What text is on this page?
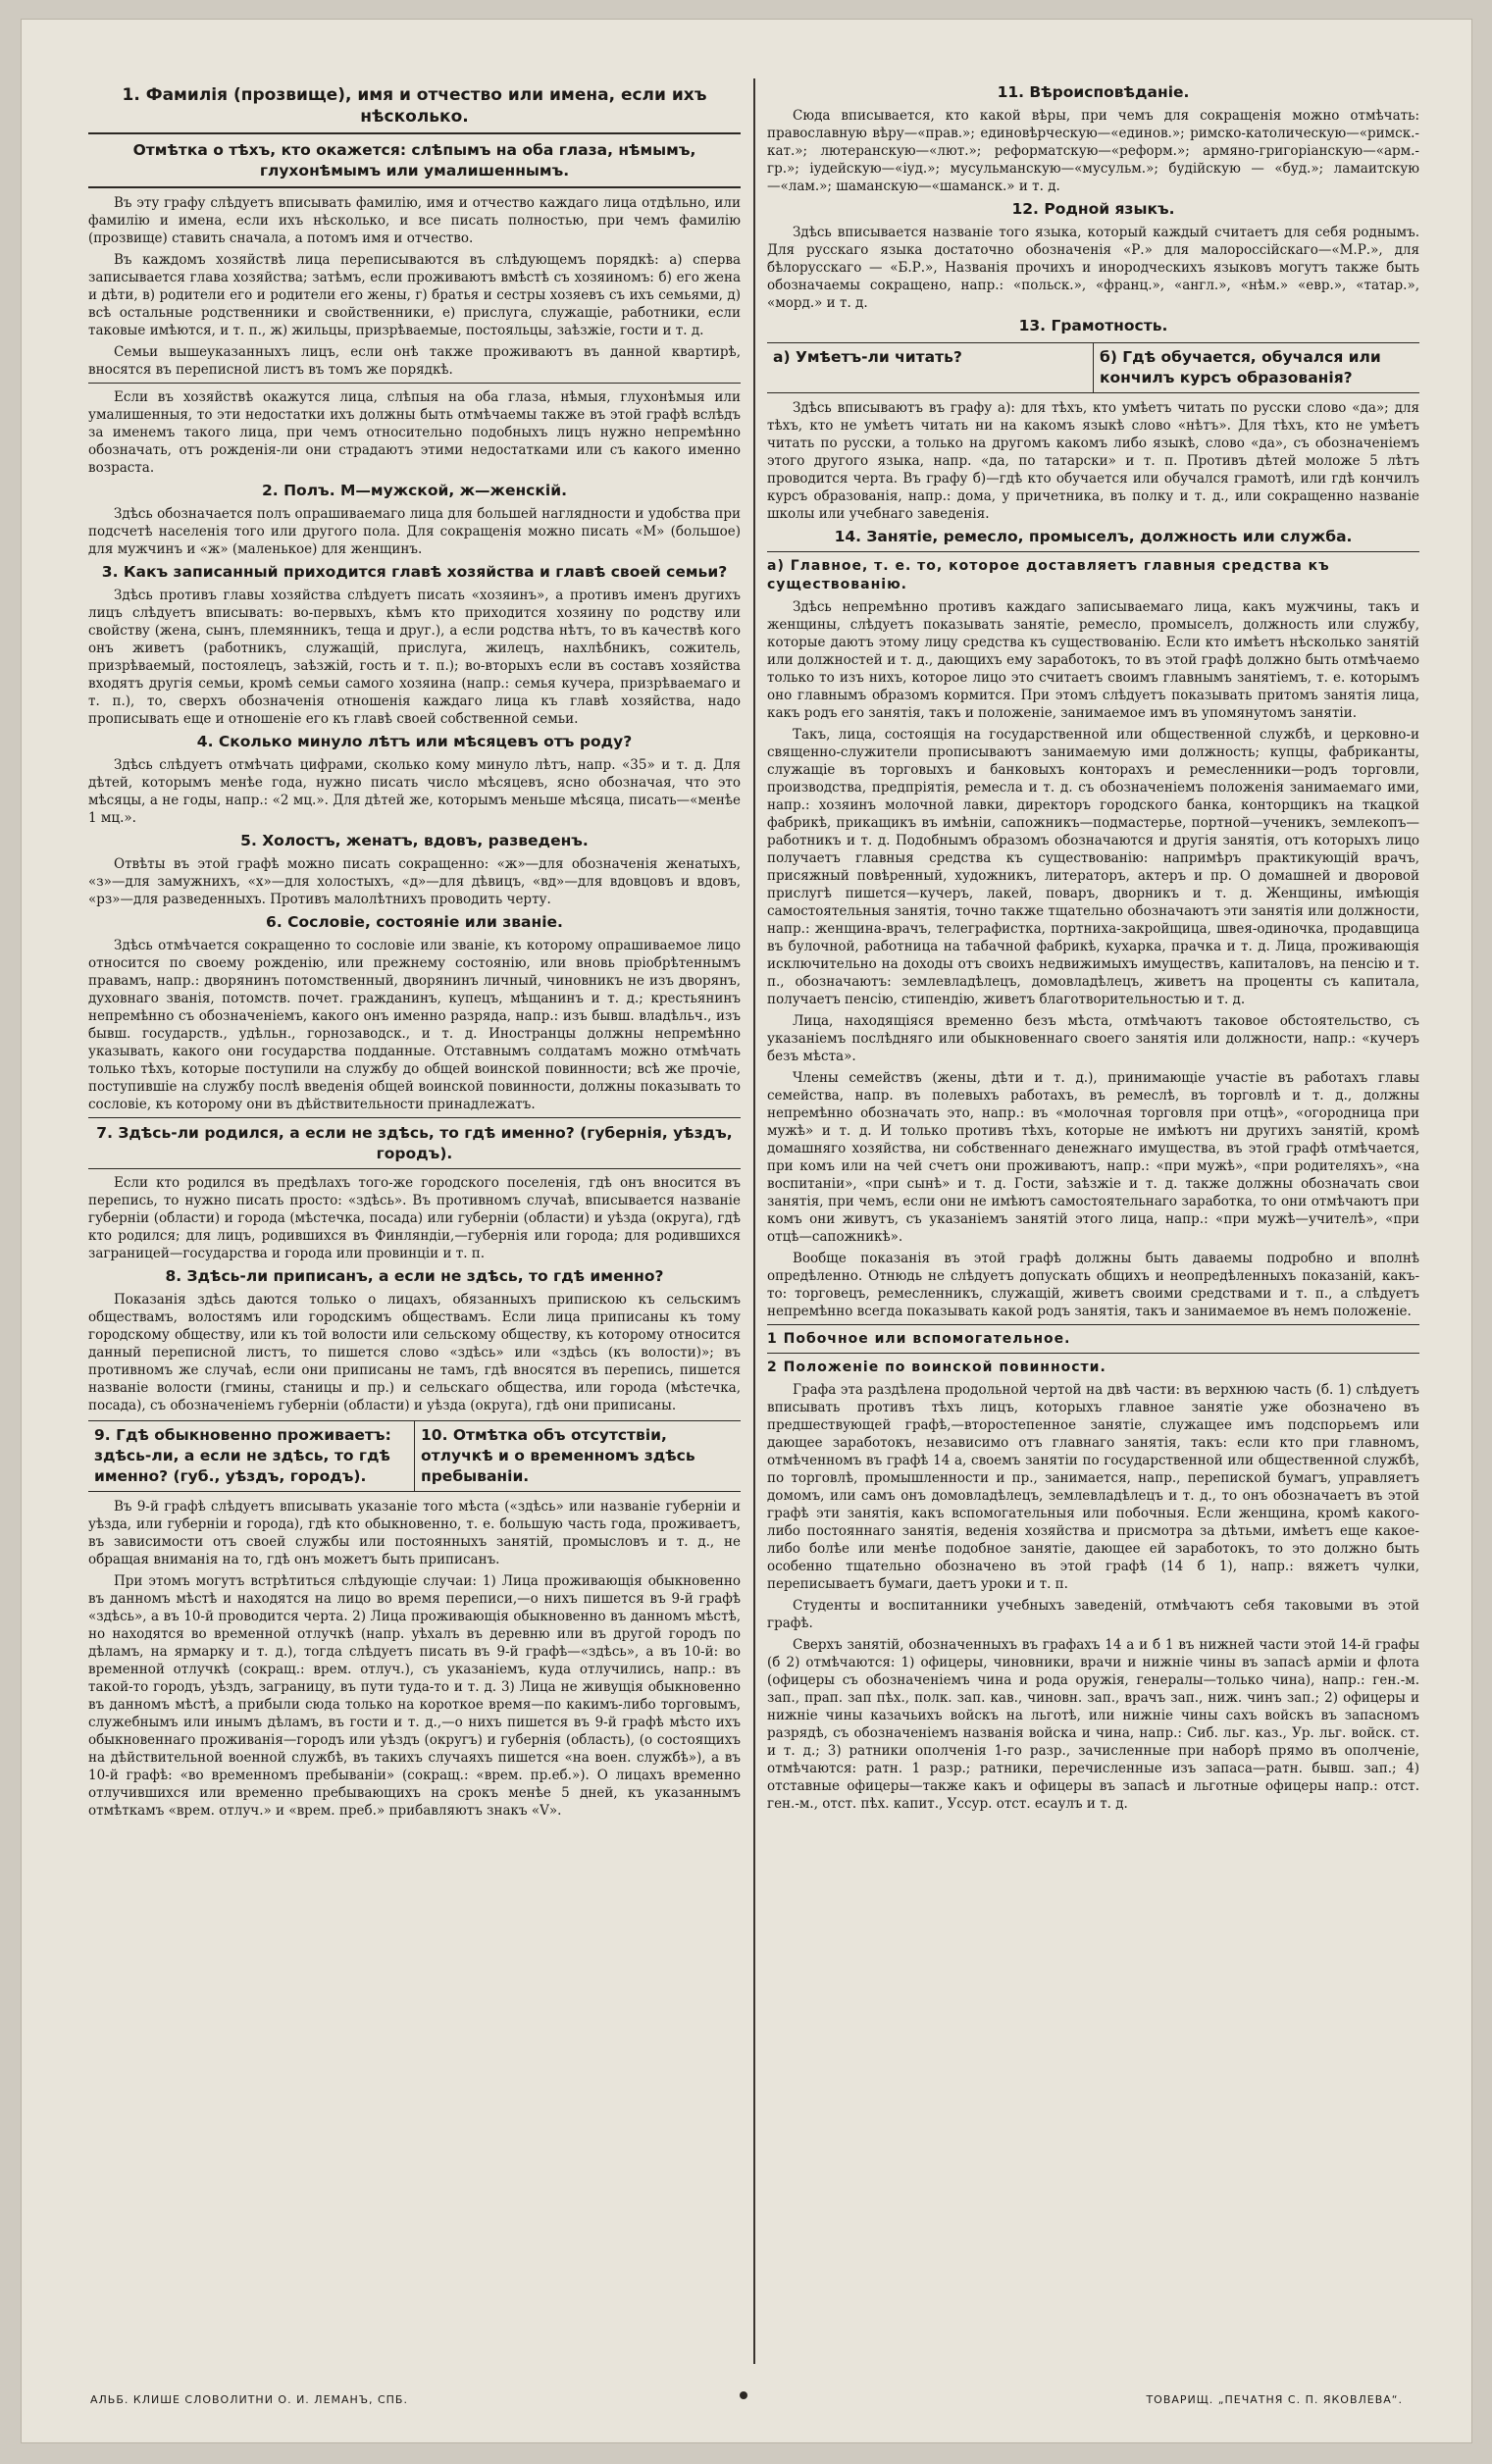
1. Фамилія (прозвище), имя и отчество или имена, если ихъ нѣсколько.
Отмѣтка о тѣхъ, кто окажется: слѣпымъ на оба глаза, нѣмымъ, глухонѣмымъ или умалишеннымъ.

Въ эту графу слѣдуетъ вписывать фамилію, имя и отчество каждаго лица отдѣльно, или фамилію и имена, если ихъ нѣсколько, и все писать полностью, при чемъ фамилію (прозвище) ставить сначала, а потомъ имя и отчество.

Въ каждомъ хозяйствѣ лица переписываются въ слѣдующемъ порядкѣ: а) сперва записывается глава хозяйства; затѣмъ, если проживаютъ вмѣстѣ съ хозяиномъ: б) его жена и дѣти, в) родители его и родители его жены, г) братья и сестры хозяевъ съ ихъ семьями, д) всѣ остальные родственники и свойственники, е) прислуга, служащіе, работники, если таковые имѣются, и т. п., ж) жильцы, призрѣваемые, постояльцы, заѣзжіе, гости и т. д.

Семьи вышеуказанныхъ лицъ, если онѣ также проживаютъ въ данной квартирѣ, вносятся въ переписной листъ въ томъ же порядкѣ.

Если въ хозяйствѣ окажутся лица, слѣпыя на оба глаза, нѣмыя, глухонѣмыя или умалишенныя, то эти недостатки ихъ должны быть отмѣчаемы также въ этой графѣ вслѣдъ за именемъ такого лица, при чемъ относительно подобныхъ лицъ нужно непремѣнно обозначать, отъ рожденія-ли они страдаютъ этими недостатками или съ какого именно возраста.

2. Полъ. М—мужской, ж—женскій.

Здѣсь обозначается полъ опрашиваемаго лица для большей наглядности и удобства при подсчетѣ населенія того или другого пола. Для сокращенія можно писать «М» (большое) для мужчинъ и «ж» (маленькое) для женщинъ.

3. Какъ записанный приходится главѣ хозяйства и главѣ своей семьи?

Здѣсь противъ главы хозяйства слѣдуетъ писать «хозяинъ», а противъ именъ другихъ лицъ слѣдуетъ вписывать: во-первыхъ, кѣмъ кто приходится хозяину по родству или свойству (жена, сынъ, племянникъ, теща и друг.), а если родства нѣтъ, то въ качествѣ кого онъ живетъ (работникъ, служащій, прислуга, жилецъ, нахлѣбникъ, сожитель, призрѣваемый, постоялецъ, заѣзжій, гость и т. п.); во-вторыхъ если въ составъ хозяйства входятъ другія семьи, кромѣ семьи самого хозяина (напр.: семья кучера, призрѣваемаго и т. п.), то, сверхъ обозначенія отношенія каждаго лица къ главѣ хозяйства, надо прописывать еще и отношеніе его къ главѣ своей собственной семьи.

4. Сколько минуло лѣтъ или мѣсяцевъ отъ роду?

Здѣсь слѣдуетъ отмѣчать цифрами, сколько кому минуло лѣтъ, напр. «35» и т. д. Для дѣтей, которымъ менѣе года, нужно писать число мѣсяцевъ, ясно обозначая, что это мѣсяцы, а не годы, напр.: «2 мц.». Для дѣтей же, которымъ меньше мѣсяца, писать—«менѣе 1 мц.».

5. Холостъ, женатъ, вдовъ, разведенъ.

Отвѣты въ этой графѣ можно писать сокращенно: «ж»—для обозначенія женатыхъ, «з»—для замужнихъ, «х»—для холостыхъ, «д»—для дѣвицъ, «вд»—для вдовцовъ и вдовъ, «рз»—для разведенныхъ. Противъ малолѣтнихъ проводить черту.

6. Сословіе, состояніе или званіе.

Здѣсь отмѣчается сокращенно то сословіе или званіе, къ которому опрашиваемое лицо относится по своему рожденію, или прежнему состоянію, или вновь пріобрѣтеннымъ правамъ, напр.: дворянинъ потомственный, дворянинъ личный, чиновникъ не изъ дворянъ, духовнаго званія, потомств. почет. гражданинъ, купецъ, мѣщанинъ и т. д.; крестьянинъ непремѣнно съ обозначеніемъ, какого онъ именно разряда, напр.: изъ бывш. владѣльч., изъ бывш. государств., удѣльн., горнозаводск., и т. д. Иностранцы должны непремѣнно указывать, какого они государства подданные. Отставнымъ солдатамъ можно отмѣчать только тѣхъ, которые поступили на службу до общей воинской повинности; всѣ же прочіе, поступившіе на службу послѣ введенія общей воинской повинности, должны показывать то сословіе, къ которому они въ дѣйствительности принадлежатъ.

7. Здѣсь-ли родился, а если не здѣсь, то гдѣ именно? (губернія, уѣздъ, городъ).

Если кто родился въ предѣлахъ того-же городского поселенія, гдѣ онъ вносится въ перепись, то нужно писать просто: «здѣсь». Въ противномъ случаѣ, вписывается названіе губерніи (области) и города (мѣстечка, посада) или губерніи (области) и уѣзда (округа), гдѣ кто родился; для лицъ, родившихся въ Финляндіи,—губернія или города; для родившихся заграницей—государства и города или провинціи и т. п.

8. Здѣсь-ли приписанъ, а если не здѣсь, то гдѣ именно?

Показанія здѣсь даются только о лицахъ, обязанныхъ припискою къ сельскимъ обществамъ, волостямъ или городскимъ обществамъ. Если лица приписаны къ тому городскому обществу, или къ той волости или сельскому обществу, къ которому относится данный переписной листъ, то пишется слово «здѣсь» или «здѣсь (къ волости)»; въ противномъ же случаѣ, если они приписаны не тамъ, гдѣ вносятся въ перепись, пишется названіе волости (гмины, станицы и пр.) и сельскаго общества, или города (мѣстечка, посада), съ обозначеніемъ губерніи (области) и уѣзда (округа), гдѣ они приписаны.

9. Гдѣ обыкновенно проживаетъ: здѣсь-ли, а если не здѣсь, то гдѣ именно? (губ., уѣздъ, городъ).
10. Отмѣтка объ отсутствіи, отлучкѣ и о временномъ здѣсь пребываніи.

Въ 9-й графѣ слѣдуетъ вписывать указаніе того мѣста («здѣсь» или названіе губерніи и уѣзда, или губерніи и города), гдѣ кто обыкновенно, т. е. большую часть года, проживаетъ, въ зависимости отъ своей службы или постоянныхъ занятій, промысловъ и т. д., не обращая вниманія на то, гдѣ онъ можетъ быть приписанъ.

При этомъ могутъ встрѣтиться слѣдующіе случаи: 1) Лица проживающія обыкновенно въ данномъ мѣстѣ и находятся на лицо во время переписи,—о нихъ пишется въ 9-й графѣ «здѣсь», а въ 10-й проводится черта. 2) Лица проживающія обыкновенно въ данномъ мѣстѣ, но находятся во временной отлучкѣ (напр. уѣхалъ въ деревню или въ другой городъ по дѣламъ, на ярмарку и т. д.), тогда слѣдуетъ писать въ 9-й графѣ—«здѣсь», а въ 10-й: во временной отлучкѣ (сокращ.: врем. отлуч.), съ указаніемъ, куда отлучились, напр.: въ такой-то городъ, уѣздъ, заграницу, въ пути туда-то и т. д. 3) Лица не живущія обыкновенно въ данномъ мѣстѣ, а прибыли сюда только на короткое время—по какимъ-либо торговымъ, служебнымъ или инымъ дѣламъ, въ гости и т. д.,—о нихъ пишется въ 9-й графѣ мѣсто ихъ обыкновеннаго проживанія—городъ или уѣздъ (округъ) и губернія (область), (о состоящихъ на дѣйствительной военной службѣ, въ такихъ случаяхъ пишется «на воен. службѣ»), а въ 10-й графѣ: «во временномъ пребываніи» (сокращ.: «врем. пр.еб.»). О лицахъ временно отлучившихся или временно пребывающихъ на срокъ менѣе 5 дней, къ указаннымъ отмѣткамъ «врем. отлуч.» и «врем. преб.» прибавляютъ знакъ «V».

11. Вѣроисповѣданіе.

Сюда вписывается, кто какой вѣры, при чемъ для сокращенія можно отмѣчать: православную вѣру—«прав.»; единовѣрческую—«единов.»; римско-католическую—«римск.-кат.»; лютеранскую—«лют.»; реформатскую—«реформ.»; армяно-григоріанскую—«арм.-гр.»; іудейскую—«іуд.»; мусульманскую—«мусульм.»; будійскую — «буд.»; ламаитскую—«лам.»; шаманскую—«шаманск.» и т. д.

12. Родной языкъ.

Здѣсь вписывается названіе того языка, который каждый считаетъ для себя роднымъ. Для русскаго языка достаточно обозначенія «Р.» для малороссійскаго—«М.Р.», для бѣлорусскаго — «Б.Р.», Названія прочихъ и инородческихъ языковъ могутъ также быть обозначаемы сокращено, напр.: «польск.», «франц.», «англ.», «нѣм.» «евр.», «татар.», «морд.» и т. д.

13. Грамотность.
а) Умѣетъ-ли читать?	б) Гдѣ обучается, обучался или кончилъ курсъ образованія?

Здѣсь вписываютъ въ графу а): для тѣхъ, кто умѣетъ читать по русски слово «да»; для тѣхъ, кто не умѣетъ читать ни на какомъ языкѣ слово «нѣтъ». Для тѣхъ, кто не умѣетъ читать по русски, а только на другомъ какомъ либо языкѣ, слово «да», съ обозначеніемъ этого другого языка, напр. «да, по татарски» и т. п. Противъ дѣтей моложе 5 лѣтъ проводится черта. Въ графу б)—гдѣ кто обучается или обучался грамотѣ, или гдѣ кончилъ курсъ образованія, напр.: дома, у причетника, въ полку и т. д., или сокращенно названіе школы или учебнаго заведенія.

14. Занятіе, ремесло, промыселъ, должность или служба.
а) Главное, т. е. то, которое доставляетъ главныя средства къ существованію.

Здѣсь непремѣнно противъ каждаго записываемаго лица, какъ мужчины, такъ и женщины, слѣдуетъ показывать занятіе, ремесло, промыселъ, должность или службу, которые даютъ этому лицу средства къ существованію. Если кто имѣетъ нѣсколько занятій или должностей и т. д., дающихъ ему заработокъ, то въ этой графѣ должно быть отмѣчаемо только то изъ нихъ, которое лицо это считаетъ своимъ главнымъ занятіемъ, т. е. которымъ оно главнымъ образомъ кормится. При этомъ слѣдуетъ показывать притомъ занятія лица, какъ родъ его занятія, такъ и положеніе, занимаемое имъ въ упомянутомъ занятіи.

Такъ, лица, состоящія на государственной или общественной службѣ, и церковно-и священно-служители прописываютъ занимаемую ими должность; купцы, фабриканты, служащіе въ торговыхъ и банковыхъ конторахъ и ремесленники—родъ торговли, производства, предпріятія, ремесла и т. д. съ обозначеніемъ положенія занимаемаго ими, напр.: хозяинъ молочной лавки, директоръ городского банка, конторщикъ на ткацкой фабрикѣ, прикащикъ въ имѣніи, сапожникъ—подмастерье, портной—ученикъ, землекопъ—работникъ и т. д. Подобнымъ образомъ обозначаются и другія занятія, отъ которыхъ лицо получаетъ главныя средства къ существованію: напримѣръ практикующій врачъ, присяжный повѣренный, художникъ, литераторъ, актеръ и пр. О домашней и дворовой прислугѣ пишется—кучеръ, лакей, поваръ, дворникъ и т. д. Женщины, имѣющія самостоятельныя занятія, точно также тщательно обозначаютъ эти занятія или должности, напр.: женщина-врачъ, телеграфистка, портниха-закройщица, швея-одиночка, продавщица въ булочной, работница на табачной фабрикѣ, кухарка, прачка и т. д. Лица, проживающія исключительно на доходы отъ своихъ недвижимыхъ имуществъ, капиталовъ, на пенсію и т. п., обозначаютъ: землевладѣлецъ, домовладѣлецъ, живетъ на проценты съ капитала, получаетъ пенсію, стипендію, живетъ благотворительностью и т. д.

Лица, находящіяся временно безъ мѣста, отмѣчаютъ таковое обстоятельство, съ указаніемъ послѣдняго или обыкновеннаго своего занятія или должности, напр.: «кучеръ безъ мѣста».

Члены семействъ (жены, дѣти и т. д.), принимающіе участіе въ работахъ главы семейства, напр. въ полевыхъ работахъ, въ ремеслѣ, въ торговлѣ и т. д., должны непремѣнно обозначать это, напр.: въ «молочная торговля при отцѣ», «огородница при мужѣ» и т. д. И только противъ тѣхъ, которые не имѣютъ ни другихъ занятій, кромѣ домашняго хозяйства, ни собственнаго денежнаго имущества, въ этой графѣ отмѣчается, при комъ или на чей счетъ они проживаютъ, напр.: «при мужѣ», «при родителяхъ», «на воспитаніи», «при сынѣ» и т. д. Гости, заѣзжіе и т. д. также должны обозначать свои занятія, при чемъ, если они не имѣютъ самостоятельнаго заработка, то они отмѣчаютъ при комъ они живутъ, съ указаніемъ занятій этого лица, напр.: «при мужѣ—учителѣ», «при отцѣ—сапожникѣ».

Вообще показанія въ этой графѣ должны быть даваемы подробно и вполнѣ опредѣленно. Отнюдь не слѣдуетъ допускать общихъ и неопредѣленныхъ показаній, какъ-то: торговецъ, ремесленникъ, служащій, живетъ своими средствами и т. п., а слѣдуетъ непремѣнно всегда показывать какой родъ занятія, такъ и занимаемое въ немъ положеніе.

1 Побочное или вспомогательное.
2 Положеніе по воинской повинности.

Графа эта раздѣлена продольной чертой на двѣ части: въ верхнюю часть (б. 1) слѣдуетъ вписывать противъ тѣхъ лицъ, которыхъ главное занятіе уже обозначено въ предшествующей графѣ,—второстепенное занятіе, служащее имъ подспорьемъ или дающее заработокъ, независимо отъ главнаго занятія, такъ: если кто при главномъ, отмѣченномъ въ графѣ 14 а, своемъ занятіи по государственной или общественной службѣ, по торговлѣ, промышленности и пр., занимается, напр., перепиской бумагъ, управляетъ домомъ, или самъ онъ домовладѣлецъ, землевладѣлецъ и т. д., то онъ обозначаетъ въ этой графѣ эти занятія, какъ вспомогательныя или побочныя. Если женщина, кромѣ какого-либо постояннаго занятія, веденія хозяйства и присмотра за дѣтьми, имѣетъ еще какое-либо болѣе или менѣе подобное занятіе, дающее ей заработокъ, то это должно быть особенно тщательно обозначено въ этой графѣ (14 б 1), напр.: вяжетъ чулки, переписываетъ бумаги, даетъ уроки и т. п.

Студенты и воспитанники учебныхъ заведеній, отмѣчаютъ себя таковыми въ этой графѣ.

Сверхъ занятій, обозначенныхъ въ графахъ 14 а и б 1 въ нижней части этой 14-й графы (б 2) отмѣчаются: 1) офицеры, чиновники, врачи и нижніе чины въ запасѣ арміи и флота (офицеры съ обозначеніемъ чина и рода оружія, генералы—только чина), напр.: ген.-м. зап., прап. зап пѣх., полк. зап. кав., чиновн. зап., врачъ зап., ниж. чинъ зап.; 2) офицеры и нижніе чины казачьихъ войскъ на льготѣ, или нижніе чины сахъ войскъ въ запасномъ разрядѣ, съ обозначеніемъ названія войска и чина, напр.: Сиб. льг. каз., Ур. льг. войск. ст. и т. д.; 3) ратники ополченія 1-го разр., зачисленные при наборѣ прямо въ ополченіе, отмѣчаются: ратн. 1 разр.; ратники, перечисленные изъ запаса—ратн. бывш. зап.; 4) отставные офицеры—также какъ и офицеры въ запасѣ и льготные офицеры напр.: отст. ген.-м., отст. пѣх. капит., Уссур. отст. есаулъ и т. д.

АЛЬБ. КЛИШЕ СЛОВОЛИТНИ О. И. ЛЕМАНЪ, СПБ.	ТОВАРИЩ. „ПЕЧАТНЯ С. П. ЯКОВЛЕВА“.
